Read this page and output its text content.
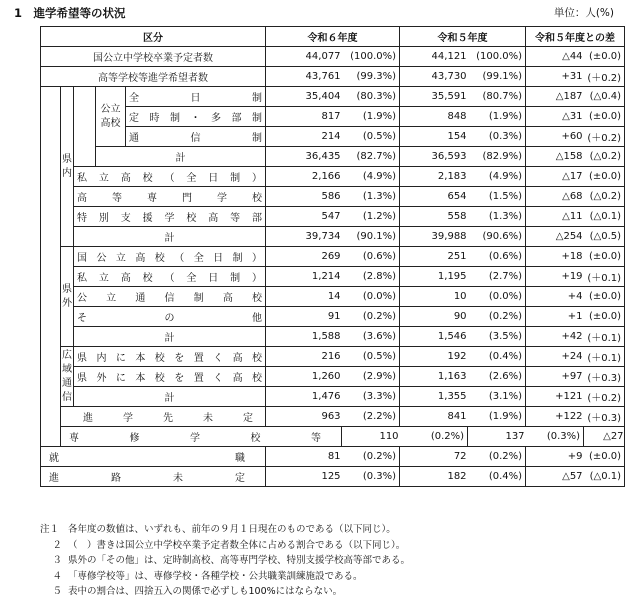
1　進学希望等の状況	単位：人(%)
区分					令和６年度		令和５年度		令和５年度との差		
国公立中学校卒業予定者数					44,077	(100.0%)	44,121	(100.0%)	△44	(±0.0)	
高等学校等進学希望者数					43,761	(99.3%)	43,730	(99.1%)	+31	(＋0.2)	
	県内		公立高校	全日制	35,404	(80.3%)	35,591	(80.7%)	△187	(△0.4)	
				定時制・多部制	817	(1.9%)	848	(1.9%)	△31	(±0.0)	
				通信制	214	(0.5%)	154	(0.3%)	+60	(＋0.2)	
			計		36,435	(82.7%)	36,593	(82.9%)	△158	(△0.2)	
		私立高校（全日制）			2,166	(4.9%)	2,183	(4.9%)	△17	(±0.0)	
		高等専門学校			586	(1.3%)	654	(1.5%)	△68	(△0.2)	
		特別支援学校高等部			547	(1.2%)	558	(1.3%)	△11	(△0.1)	
		計			39,734	(90.1%)	39,988	(90.6%)	△254	(△0.5)	
	県外	国公立高校（全日制）			269	(0.6%)	251	(0.6%)	+18	(±0.0)	
		私立高校（全日制）			1,214	(2.8%)	1,195	(2.7%)	+19	(＋0.1)	
		公立通信制高校			14	(0.0%)	10	(0.0%)	+4	(±0.0)	
		その他			91	(0.2%)	90	(0.2%)	+1	(±0.0)	
		計			1,588	(3.6%)	1,546	(3.5%)	+42	(＋0.1)	
	広域通信	県内に本校を置く高校			216	(0.5%)	192	(0.4%)	+24	(＋0.1)	
		県外に本校を置く高校			1,260	(2.9%)	1,163	(2.6%)	+97	(＋0.3)	
		計			1,476	(3.3%)	1,355	(3.1%)	+121	(＋0.2)	
	進学先未定				963	(2.2%)	841	(1.9%)	+122	(＋0.3)	
	専修学校等					110	(0.2%)	137	(0.3%)	△27	
就職					81	(0.2%)	72	(0.2%)	+9	(±0.0)	
進路未定					125	(0.3%)	182	(0.4%)	△57	(△0.1)	
注１ 各年度の数値は、いずれも、前年の９月１日現在のものである（以下同じ）。
２ （　）書きは国公立中学校卒業予定者数全体に占める割合である（以下同じ）。
３ 県外の「その他」は、定時制高校、高等専門学校、特別支援学校高等部である。
４ 「専修学校等」は、専修学校・各種学校・公共職業訓練施設である。
５ 表中の割合は、四捨五入の関係で必ずしも100%にはならない。
